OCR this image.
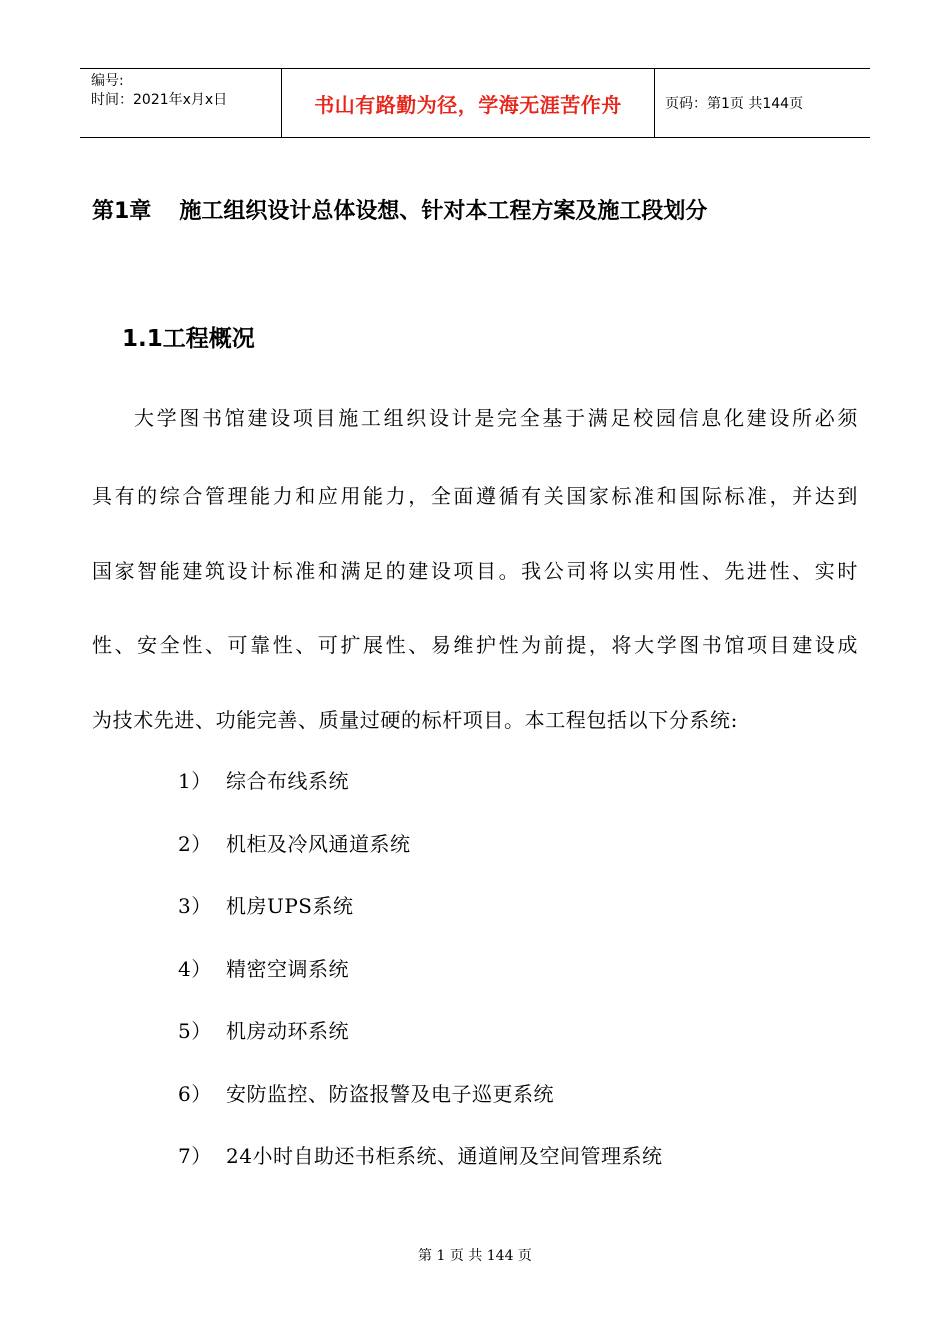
编号:
时间：2021年x月x日	书山有路勤为径，学海无涯苦作舟	页码：第1页 共144页
第1章 施工组织设计总体设想、针对本工程方案及施工段划分
1.1工程概况
大学图书馆建设项目施工组织设计是完全基于满足校园信息化建设所必须
具有的综合管理能力和应用能力，全面遵循有关国家标准和国际标准，并达到
国家智能建筑设计标准和满足的建设项目。我公司将以实用性、先进性、实时
性、安全性、可靠性、可扩展性、易维护性为前提，将大学图书馆项目建设成
为技术先进、功能完善、质量过硬的标杆项目。本工程包括以下分系统:
1） 综合布线系统
2） 机柜及冷风通道系统
3） 机房UPS系统
4） 精密空调系统
5） 机房动环系统
6） 安防监控、防盗报警及电子巡更系统
7） 24小时自助还书柜系统、通道闸及空间管理系统
第 1 页 共 144 页
